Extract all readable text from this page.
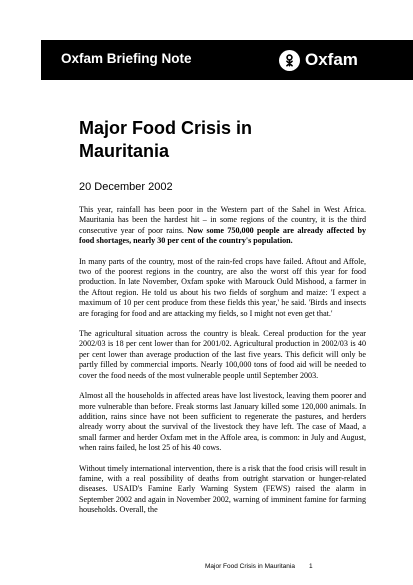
Oxfam Briefing Note	Oxfam
Major Food Crisis in Mauritania
20 December 2002

This year, rainfall has been poor in the Western part of the Sahel in West Africa. Mauritania has been the hardest hit – in some regions of the country, it is the third consecutive year of poor rains. Now some 750,000 people are already affected by food shortages, nearly 30 per cent of the country's population.

In many parts of the country, most of the rain-fed crops have failed. Aftout and Affole, two of the poorest regions in the country, are also the worst off this year for food production. In late November, Oxfam spoke with Marouck Ould Mishood, a farmer in the Aftout region. He told us about his two fields of sorghum and maize: 'I expect a maximum of 10 per cent produce from these fields this year,' he said. 'Birds and insects are foraging for food and are attacking my fields, so I might not even get that.'

The agricultural situation across the country is bleak. Cereal production for the year 2002/03 is 18 per cent lower than for 2001/02. Agricultural production in 2002/03 is 40 per cent lower than average production of the last five years. This deficit will only be partly filled by commercial imports. Nearly 100,000 tons of food aid will be needed to cover the food needs of the most vulnerable people until September 2003.

Almost all the households in affected areas have lost livestock, leaving them poorer and more vulnerable than before. Freak storms last January killed some 120,000 animals. In addition, rains since have not been sufficient to regenerate the pastures, and herders already worry about the survival of the livestock they have left. The case of Maad, a small farmer and herder Oxfam met in the Affole area, is common: in July and August, when rains failed, he lost 25 of his 40 cows.

Without timely international intervention, there is a risk that the food crisis will result in famine, with a real possibility of deaths from outright starvation or hunger-related diseases. USAID's Famine Early Warning System (FEWS) raised the alarm in September 2002 and again in November 2002, warning of imminent famine for farming households. Overall, the

Major Food Crisis in Mauritania 1
